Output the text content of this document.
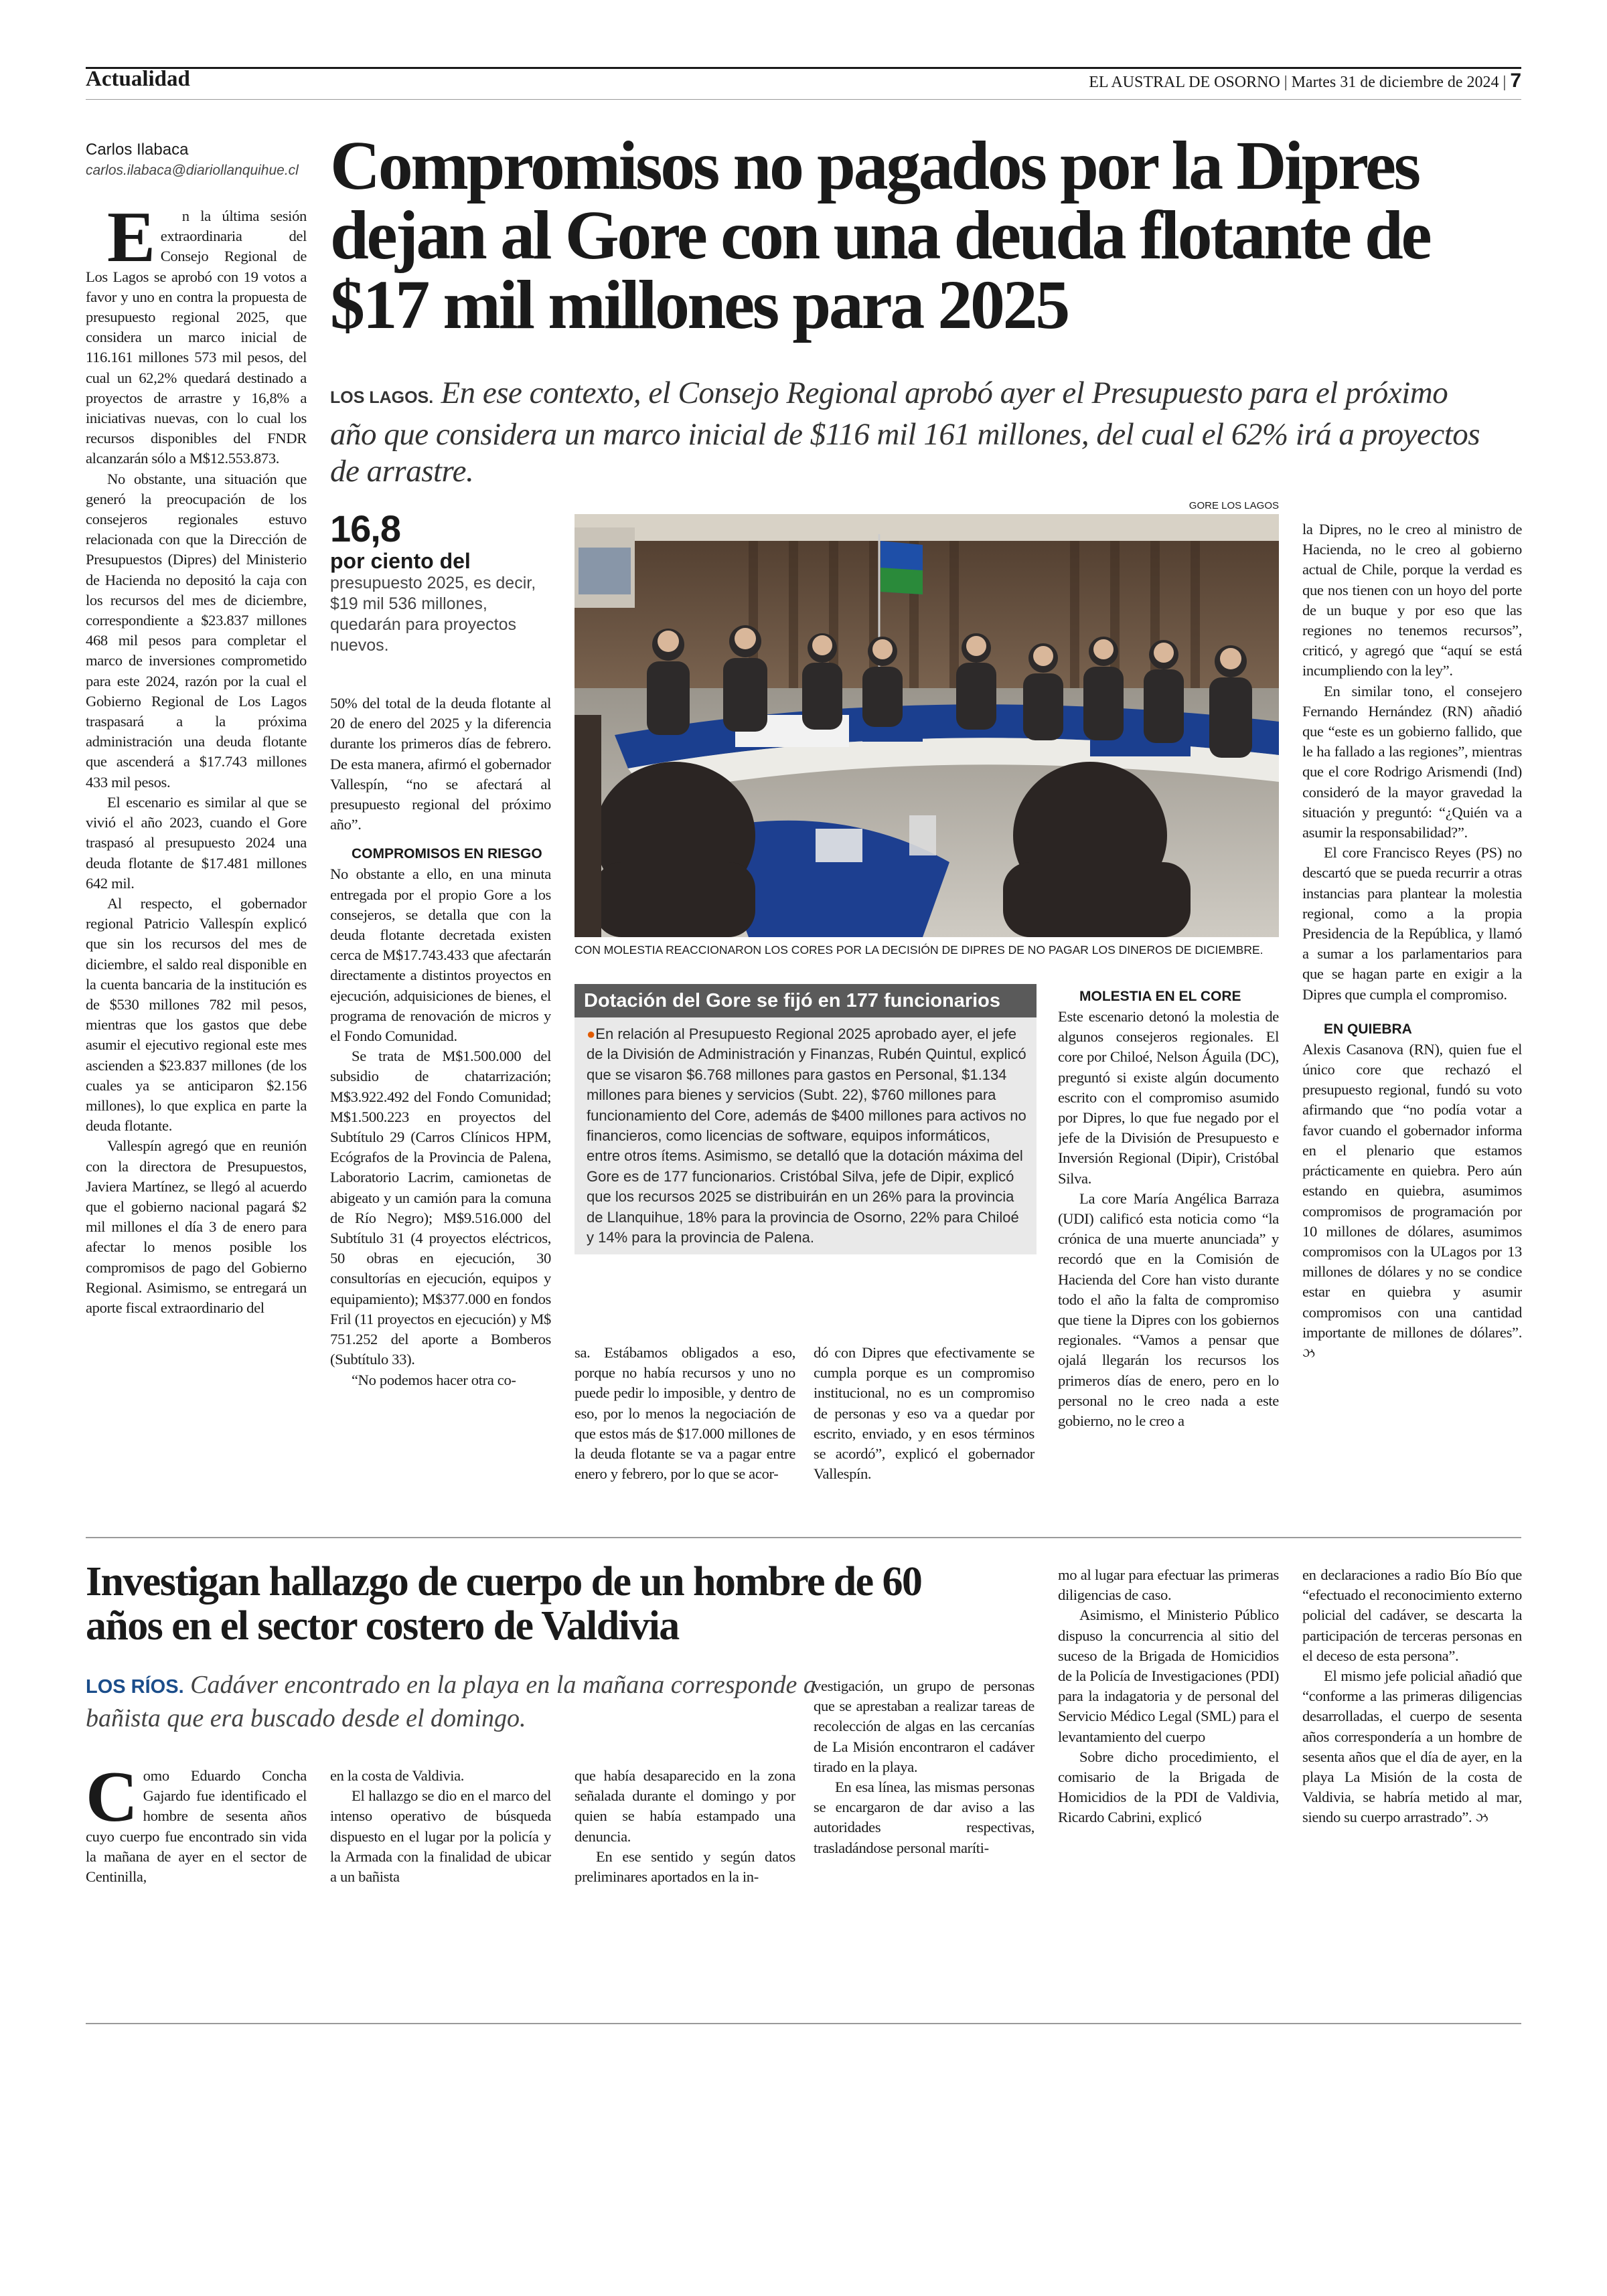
Actualidad	EL AUSTRAL DE OSORNO | Martes 31 de diciembre de 2024 | 7
Carlos Ilabaca
carlos.ilabaca@diariollanquihue.cl Compromisos no pagados por la Dipres dejan al Gore con una deuda flotante de $17 mil millones para 2025
LOS LAGOS. En ese contexto, el Consejo Regional aprobó ayer el Presupuesto para el próximo año que considera un marco inicial de $116 mil 161 millones, del cual el 62% irá a proyectos de arrastre.

En la última sesión extraordinaria del Consejo Regional de Los Lagos se aprobó con 19 votos a favor y uno en contra la propuesta de presupuesto regional 2025, que considera un marco inicial de 116.161 millones 573 mil pesos, del cual un 62,2% quedará destinado a proyectos de arrastre y 16,8% a iniciativas nuevas, con lo cual los recursos disponibles del FNDR alcanzarán sólo a M$12.553.873.

No obstante, una situación que generó la preocupación de los consejeros regionales estuvo relacionada con que la Dirección de Presupuestos (Dipres) del Ministerio de Hacienda no depositó la caja con los recursos del mes de diciembre, correspondiente a $23.837 millones 468 mil pesos para completar el marco de inversiones comprometido para este 2024, razón por la cual el Gobierno Regional de Los Lagos traspasará a la próxima administración una deuda flotante que ascenderá a $17.743 millones 433 mil pesos.

El escenario es similar al que se vivió el año 2023, cuando el Gore traspasó al presupuesto 2024 una deuda flotante de $17.481 millones 642 mil.

Al respecto, el gobernador regional Patricio Vallespín explicó que sin los recursos del mes de diciembre, el saldo real disponible en la cuenta bancaria de la institución es de $530 millones 782 mil pesos, mientras que los gastos que debe asumir el ejecutivo regional este mes ascienden a $23.837 millones (de los cuales ya se anticiparon $2.156 millones), lo que explica en parte la deuda flotante.

Vallespín agregó que en reunión con la directora de Presupuestos, Javiera Martínez, se llegó al acuerdo que el gobierno nacional pagará $2 mil millones el día 3 de enero para afectar lo menos posible los compromisos de pago del Gobierno Regional. Asimismo, se entregará un aporte fiscal extraordinario del

16,8
por ciento del
presupuesto 2025, es decir, $19 mil 536 millones, quedarán para proyectos nuevos.

50% del total de la deuda flotante al 20 de enero del 2025 y la diferencia durante los primeros días de febrero. De esta manera, afirmó el gobernador Vallespín, “no se afectará al presupuesto regional del próximo año”.

COMPROMISOS EN RIESGO

No obstante a ello, en una minuta entregada por el propio Gore a los consejeros, se detalla que con la deuda flotante decretada existen cerca de M$17.743.433 que afectarán directamente a distintos proyectos en ejecución, adquisiciones de bienes, el programa de renovación de micros y el Fondo Comunidad.

Se trata de M$1.500.000 del subsidio de chatarrización; M$3.922.492 del Fondo Comunidad; M$1.500.223 en proyectos del Subtítulo 29 (Carros Clínicos HPM, Ecógrafos de la Provincia de Palena, Laboratorio Lacrim, camionetas de abigeato y un camión para la comuna de Río Negro); M$9.516.000 del Subtítulo 31 (4 proyectos eléctricos, 50 obras en ejecución, 30 consultorías en ejecución, equipos y equipamiento); M$377.000 en fondos Fril (11 proyectos en ejecución) y M$ 751.252 del aporte a Bomberos (Subtítulo 33).

“No podemos hacer otra co-

GORE LOS LAGOS
CON MOLESTIA REACCIONARON LOS CORES POR LA DECISIÓN DE DIPRES DE NO PAGAR LOS DINEROS DE DICIEMBRE.
Dotación del Gore se fijó en 177 funcionarios
●En relación al Presupuesto Regional 2025 aprobado ayer, el jefe de la División de Administración y Finanzas, Rubén Quintul, explicó que se visaron $6.768 millones para gastos en Personal, $1.134 millones para bienes y servicios (Subt. 22), $760 millones para funcionamiento del Core, además de $400 millones para activos no financieros, como licencias de software, equipos informáticos, entre otros ítems. Asimismo, se detalló que la dotación máxima del Gore es de 177 funcionarios. Cristóbal Silva, jefe de Dipir, explicó que los recursos 2025 se distribuirán en un 26% para la provincia de Llanquihue, 18% para la provincia de Osorno, 22% para Chiloé y 14% para la provincia de Palena.

sa. Estábamos obligados a eso, porque no había recursos y uno no puede pedir lo imposible, y dentro de eso, por lo menos la negociación de que estos más de $17.000 millones de la deuda flotante se va a pagar entre enero y febrero, por lo que se acor-

dó con Dipres que efectivamente se cumpla porque es un compromiso institucional, no es un compromiso de personas y eso va a quedar por escrito, enviado, y en esos términos se acordó”, explicó el gobernador Vallespín.

MOLESTIA EN EL CORE

Este escenario detonó la molestia de algunos consejeros regionales. El core por Chiloé, Nelson Águila (DC), preguntó si existe algún documento escrito con el compromiso asumido por Dipres, lo que fue negado por el jefe de la División de Presupuesto e Inversión Regional (Dipir), Cristóbal Silva.

La core María Angélica Barraza (UDI) calificó esta noticia como “la crónica de una muerte anunciada” y recordó que en la Comisión de Hacienda del Core han visto durante todo el año la falta de compromiso que tiene la Dipres con los gobiernos regionales. “Vamos a pensar que ojalá llegarán los recursos los primeros días de enero, pero en lo personal no le creo nada a este gobierno, no le creo a

la Dipres, no le creo al ministro de Hacienda, no le creo al gobierno actual de Chile, porque la verdad es que nos tienen con un hoyo del porte de un buque y por eso que las regiones no tenemos recursos”, criticó, y agregó que “aquí se está incumpliendo con la ley”.

En similar tono, el consejero Fernando Hernández (RN) añadió que “este es un gobierno fallido, que le ha fallado a las regiones”, mientras que el core Rodrigo Arismendi (Ind) consideró de la mayor gravedad la situación y preguntó: “¿Quién va a asumir la responsabilidad?”.

El core Francisco Reyes (PS) no descartó que se pueda recurrir a otras instancias para plantear la molestia regional, como a la propia Presidencia de la República, y llamó a sumar a los parlamentarios para que se hagan parte en exigir a la Dipres que cumpla el compromiso.

EN QUIEBRA

Alexis Casanova (RN), quien fue el único core que rechazó el presupuesto regional, fundó su voto afirmando que “no podía votar a favor cuando el gobernador informa en el plenario que estamos prácticamente en quiebra. Pero aún estando en quiebra, asumimos compromisos de programación por 10 millones de dólares, asumimos compromisos con la ULagos por 13 millones de dólares y no se condice estar en quiebra y asumir compromisos con una cantidad importante de millones de dólares”. ઝ

Investigan hallazgo de cuerpo de un hombre de 60 años en el sector costero de Valdivia
LOS RÍOS. Cadáver encontrado en la playa en la mañana corresponde a bañista que era buscado desde el domingo.

Como Eduardo Concha Gajardo fue identificado el hombre de sesenta años cuyo cuerpo fue encontrado sin vida la mañana de ayer en el sector de Centinilla,

en la costa de Valdivia.

El hallazgo se dio en el marco del intenso operativo de búsqueda dispuesto en el lugar por la policía y la Armada con la finalidad de ubicar a un bañista

que había desaparecido en la zona señalada durante el domingo y por quien se había estampado una denuncia.

En ese sentido y según datos preliminares aportados en la in-

vestigación, un grupo de personas que se aprestaban a realizar tareas de recolección de algas en las cercanías de La Misión encontraron el cadáver tirado en la playa.

En esa línea, las mismas personas se encargaron de dar aviso a las autoridades respectivas, trasladándose personal maríti-

mo al lugar para efectuar las primeras diligencias de caso.

Asimismo, el Ministerio Público dispuso la concurrencia al sitio del suceso de la Brigada de Homicidios de la Policía de Investigaciones (PDI) para la indagatoria y de personal del Servicio Médico Legal (SML) para el levantamiento del cuerpo

Sobre dicho procedimiento, el comisario de la Brigada de Homicidios de la PDI de Valdivia, Ricardo Cabrini, explicó

en declaraciones a radio Bío Bío que “efectuado el reconocimiento externo policial del cadáver, se descarta la participación de terceras personas en el deceso de esta persona”.

El mismo jefe policial añadió que “conforme a las primeras diligencias desarrolladas, el cuerpo de sesenta años correspondería a un hombre de sesenta años que el día de ayer, en la playa La Misión de la costa de Valdivia, se habría metido al mar, siendo su cuerpo arrastrado”. ઝ
